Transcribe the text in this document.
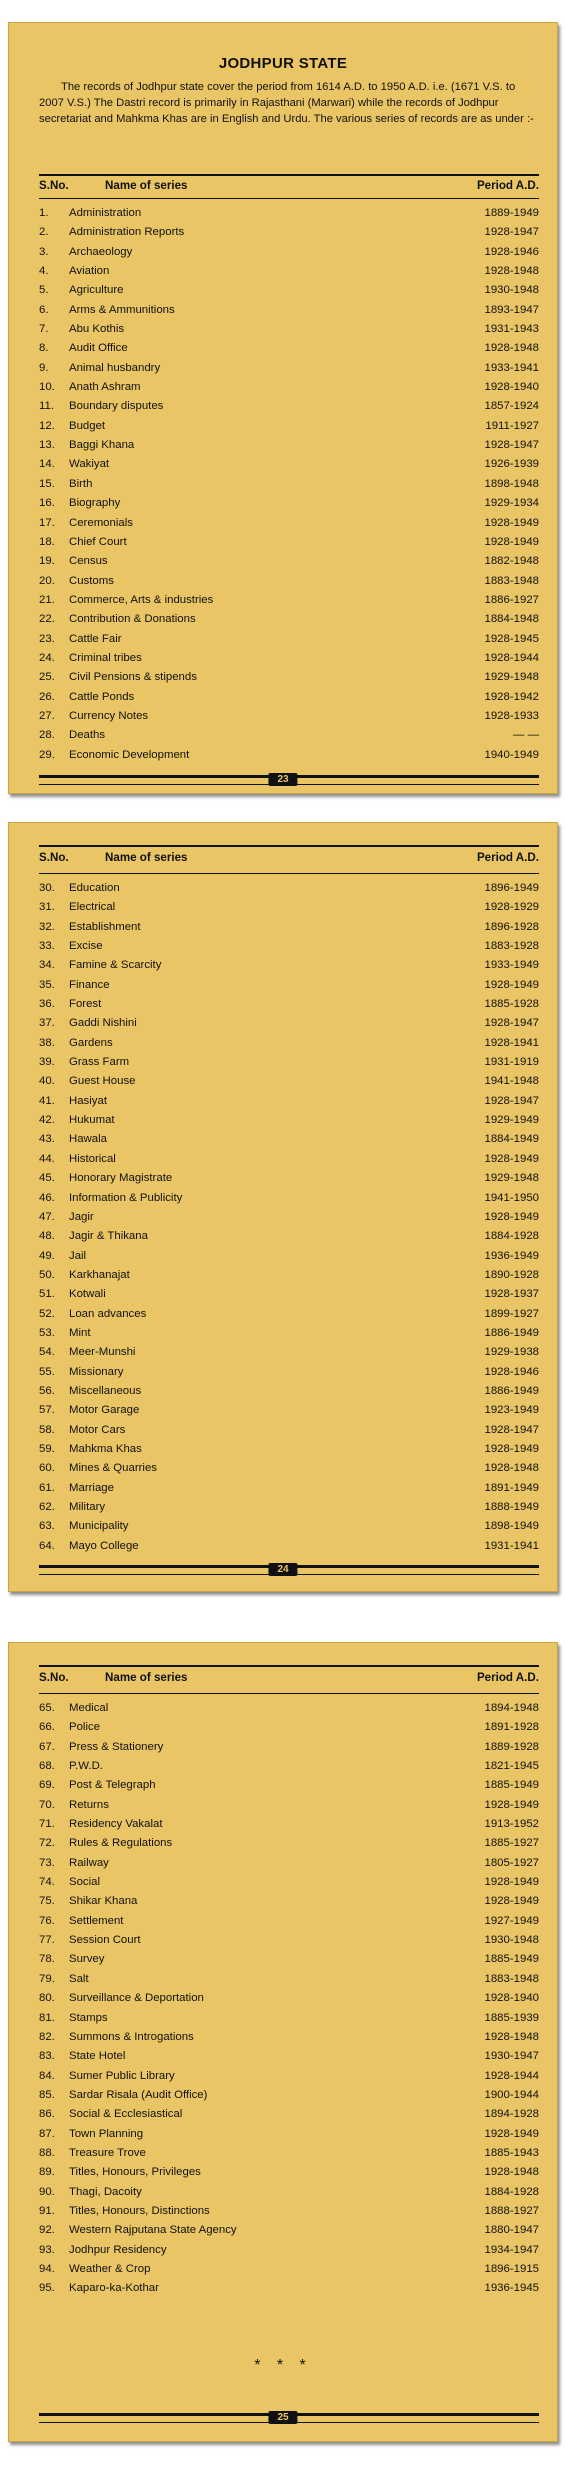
JODHPUR STATE
The records of Jodhpur state cover the period from 1614 A.D. to 1950 A.D. i.e. (1671 V.S. to 2007 V.S.) The Dastri record is primarily in Rajasthani (Marwari) while the records of Jodhpur secretariat and Mahkma Khas are in English and Urdu. The various series of records are as under :-
S.No.	Name of series	Period A.D.
1.	Administration	1889-1949
2.	Administration Reports	1928-1947
3.	Archaeology	1928-1946
4.	Aviation	1928-1948
5.	Agriculture	1930-1948
6.	Arms & Ammunitions	1893-1947
7.	Abu Kothis	1931-1943
8.	Audit Office	1928-1948
9.	Animal husbandry	1933-1941
10.	Anath Ashram	1928-1940
11.	Boundary disputes	1857-1924
12.	Budget	1911-1927
13.	Baggi Khana	1928-1947
14.	Wakiyat	1926-1939
15.	Birth	1898-1948
16.	Biography	1929-1934
17.	Ceremonials	1928-1949
18.	Chief Court	1928-1949
19.	Census	1882-1948
20.	Customs	1883-1948
21.	Commerce, Arts & industries	1886-1927
22.	Contribution & Donations	1884-1948
23.	Cattle Fair	1928-1945
24.	Criminal tribes	1928-1944
25.	Civil Pensions & stipends	1929-1948
26.	Cattle Ponds	1928-1942
27.	Currency Notes	1928-1933
28.	Deaths	— —
29.	Economic Development	1940-1949
23
S.No.	Name of series	Period A.D.
30.	Education	1896-1949
31.	Electrical	1928-1929
32.	Establishment	1896-1928
33.	Excise	1883-1928
34.	Famine & Scarcity	1933-1949
35.	Finance	1928-1949
36.	Forest	1885-1928
37.	Gaddi Nishini	1928-1947
38.	Gardens	1928-1941
39.	Grass Farm	1931-1919
40.	Guest House	1941-1948
41.	Hasiyat	1928-1947
42.	Hukumat	1929-1949
43.	Hawala	1884-1949
44.	Historical	1928-1949
45.	Honorary Magistrate	1929-1948
46.	Information & Publicity	1941-1950
47.	Jagir	1928-1949
48.	Jagir & Thikana	1884-1928
49.	Jail	1936-1949
50.	Karkhanajat	1890-1928
51.	Kotwali	1928-1937
52.	Loan advances	1899-1927
53.	Mint	1886-1949
54.	Meer-Munshi	1929-1938
55.	Missionary	1928-1946
56.	Miscellaneous	1886-1949
57.	Motor Garage	1923-1949
58.	Motor Cars	1928-1947
59.	Mahkma Khas	1928-1949
60.	Mines & Quarries	1928-1948
61.	Marriage	1891-1949
62.	Military	1888-1949
63.	Municipality	1898-1949
64.	Mayo College	1931-1941
24
S.No.	Name of series	Period A.D.
65.	Medical	1894-1948
66.	Police	1891-1928
67.	Press & Stationery	1889-1928
68.	P.W.D.	1821-1945
69.	Post & Telegraph	1885-1949
70.	Returns	1928-1949
71.	Residency Vakalat	1913-1952
72.	Rules & Regulations	1885-1927
73.	Railway	1805-1927
74.	Social	1928-1949
75.	Shikar Khana	1928-1949
76.	Settlement	1927-1949
77.	Session Court	1930-1948
78.	Survey	1885-1949
79.	Salt	1883-1948
80.	Surveillance & Deportation	1928-1940
81.	Stamps	1885-1939
82.	Summons & Introgations	1928-1948
83.	State Hotel	1930-1947
84.	Sumer Public Library	1928-1944
85.	Sardar Risala (Audit Office)	1900-1944
86.	Social & Ecclesiastical	1894-1928
87.	Town Planning	1928-1949
88.	Treasure Trove	1885-1943
89.	Titles, Honours, Privileges	1928-1948
90.	Thagi, Dacoity	1884-1928
91.	Titles, Honours, Distinctions	1888-1927
92.	Western Rajputana State Agency	1880-1947
93.	Jodhpur Residency	1934-1947
94.	Weather & Crop	1896-1915
95.	Kaparo-ka-Kothar	1936-1945
* * *
25
